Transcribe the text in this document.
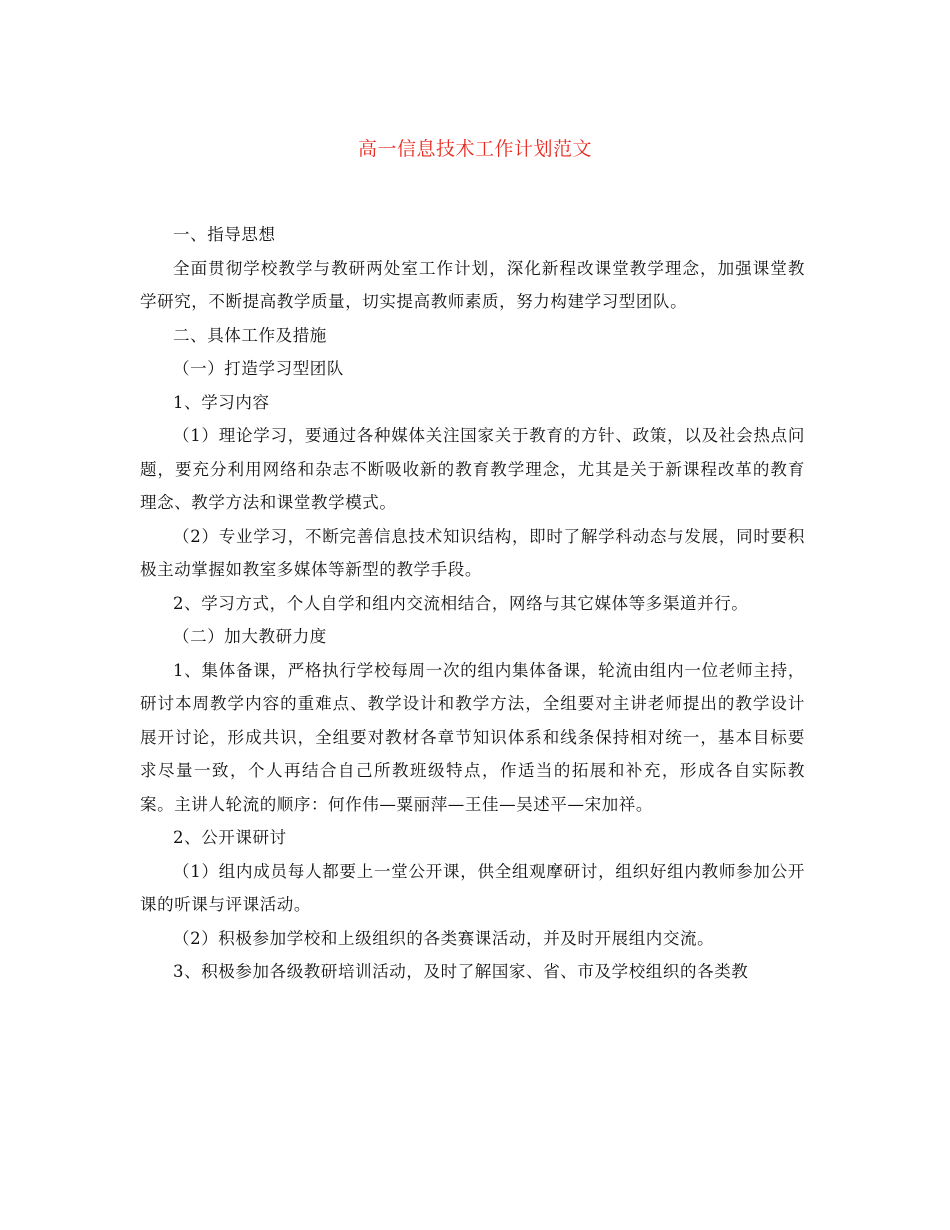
高一信息技术工作计划范文

一、指导思想

全面贯彻学校教学与教研两处室工作计划，深化新程改课堂教学理念，加强课堂教学研究，不断提高教学质量，切实提高教师素质，努力构建学习型团队。

二、具体工作及措施

（一）打造学习型团队

1、学习内容

（1）理论学习，要通过各种媒体关注国家关于教育的方针、政策，以及社会热点问题，要充分利用网络和杂志不断吸收新的教育教学理念，尤其是关于新课程改革的教育理念、教学方法和课堂教学模式。

（2）专业学习，不断完善信息技术知识结构，即时了解学科动态与发展，同时要积极主动掌握如教室多媒体等新型的教学手段。

2、学习方式，个人自学和组内交流相结合，网络与其它媒体等多渠道并行。

（二）加大教研力度

1、集体备课，严格执行学校每周一次的组内集体备课，轮流由组内一位老师主持，研讨本周教学内容的重难点、教学设计和教学方法，全组要对主讲老师提出的教学设计展开讨论，形成共识，全组要对教材各章节知识体系和线条保持相对统一，基本目标要求尽量一致，个人再结合自己所教班级特点，作适当的拓展和补充，形成各自实际教案。主讲人轮流的顺序：何作伟—粟丽萍—王佳—吴述平—宋加祥。

2、公开课研讨

（1）组内成员每人都要上一堂公开课，供全组观摩研讨，组织好组内教师参加公开课的听课与评课活动。

（2）积极参加学校和上级组织的各类赛课活动，并及时开展组内交流。

3、积极参加各级教研培训活动，及时了解国家、省、市及学校组织的各类教
